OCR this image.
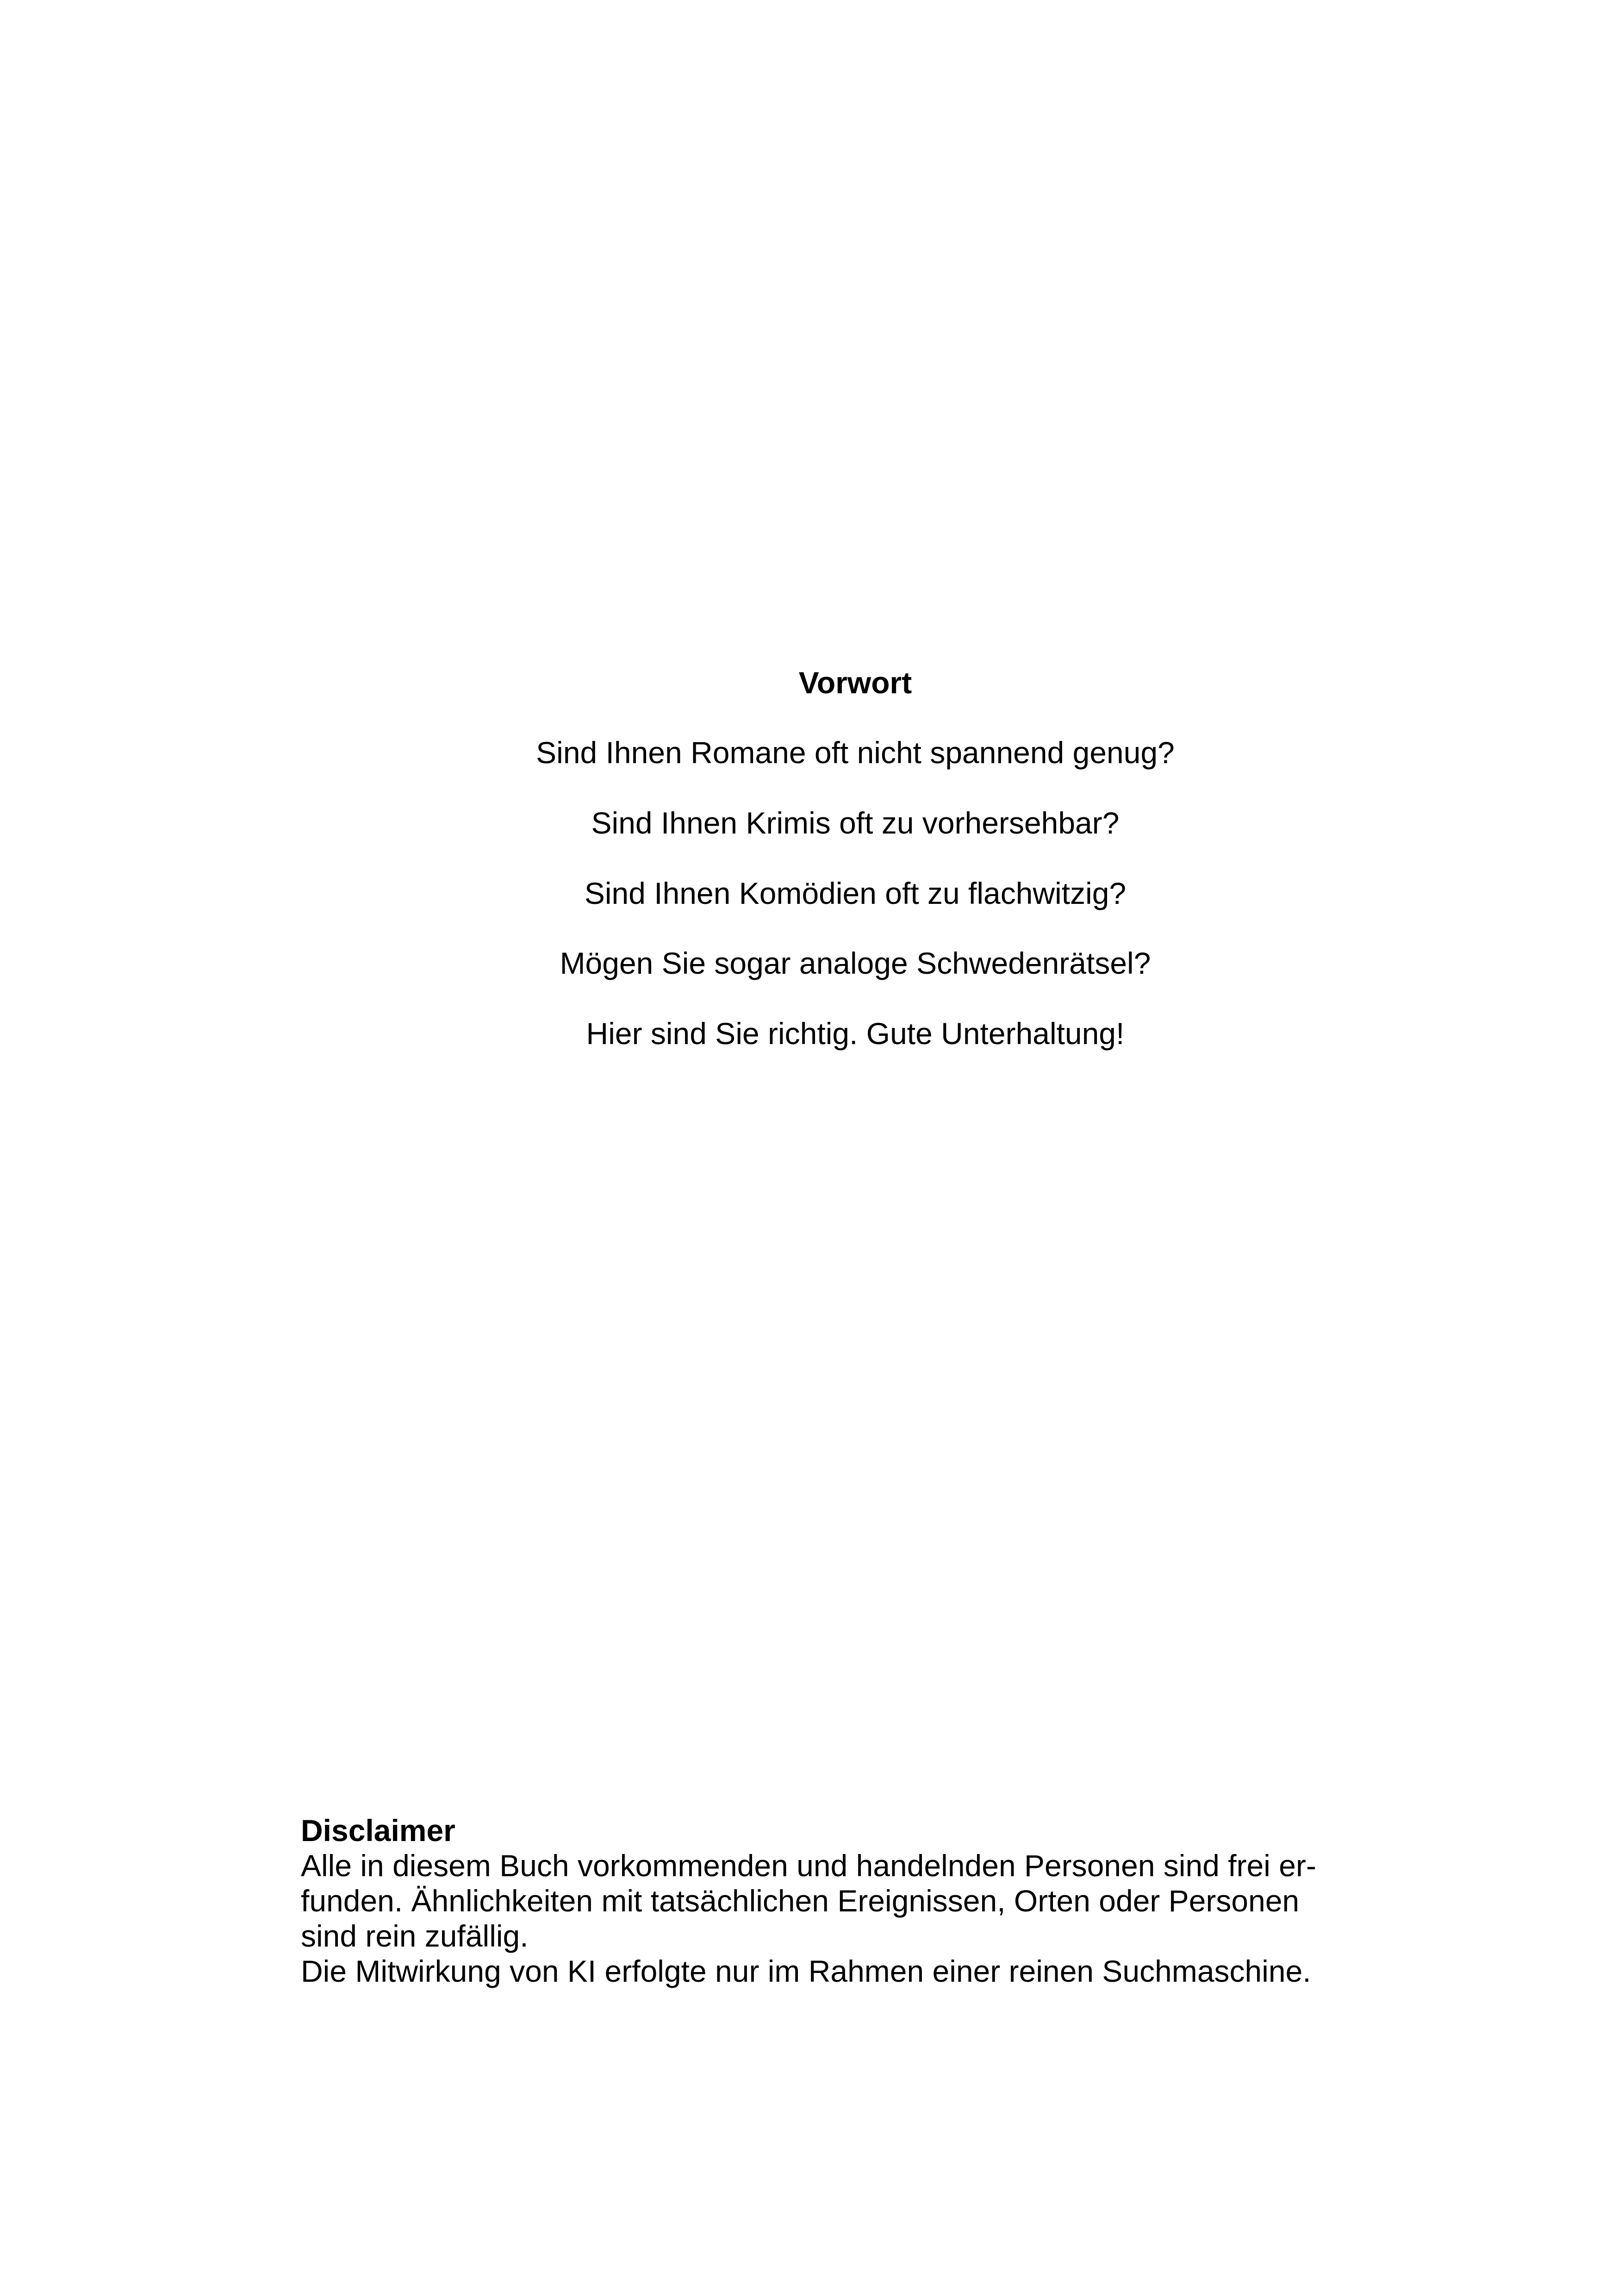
Vorwort
Sind Ihnen Romane oft nicht spannend genug?
Sind Ihnen Krimis oft zu vorhersehbar?
Sind Ihnen Komödien oft zu flachwitzig?
Mögen Sie sogar analoge Schwedenrätsel?
Hier sind Sie richtig. Gute Unterhaltung!
Disclaimer
Alle in diesem Buch vorkommenden und handelnden Personen sind frei er-
funden. Ähnlichkeiten mit tatsächlichen Ereignissen, Orten oder Personen
sind rein zufällig.
Die Mitwirkung von KI erfolgte nur im Rahmen einer reinen Suchmaschine.
